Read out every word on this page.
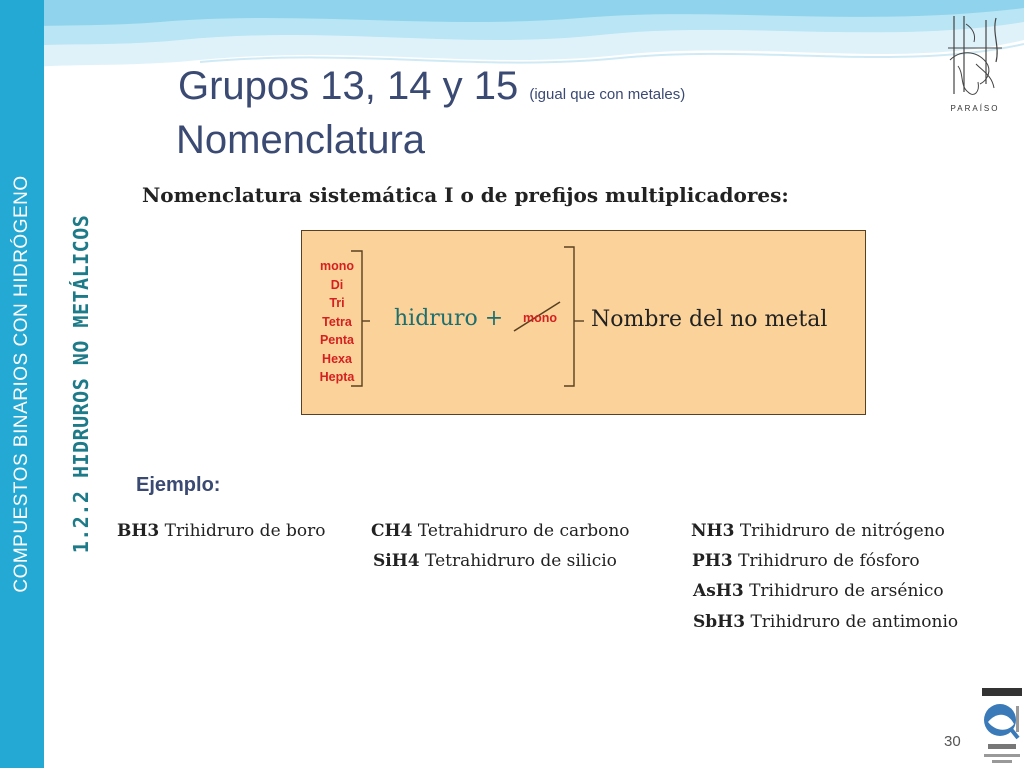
COMPUESTOS BINARIOS CON HIDRÓGENO 1.2.2 HIDRUROS NO METÁLICOS
Grupos 13, 14 y 15 (igual que con metales)
Nomenclatura
Nomenclatura sistemática I o de prefijos multiplicadores:
mono
Di
Tri
Tetra
Penta
Hexa
Hepta
hidruro + mono Nombre del no metal
Ejemplo:
BH3 Trihidruro de boro	CH4 Tetrahidruro de carbono
SiH4 Tetrahidruro de silicio
NH3 Trihidruro de nitrógeno
PH3 Trihidruro de fósforo
AsH3 Trihidruro de arsénico
SbH3 Trihidruro de antimonio
PARAÍSO
30
